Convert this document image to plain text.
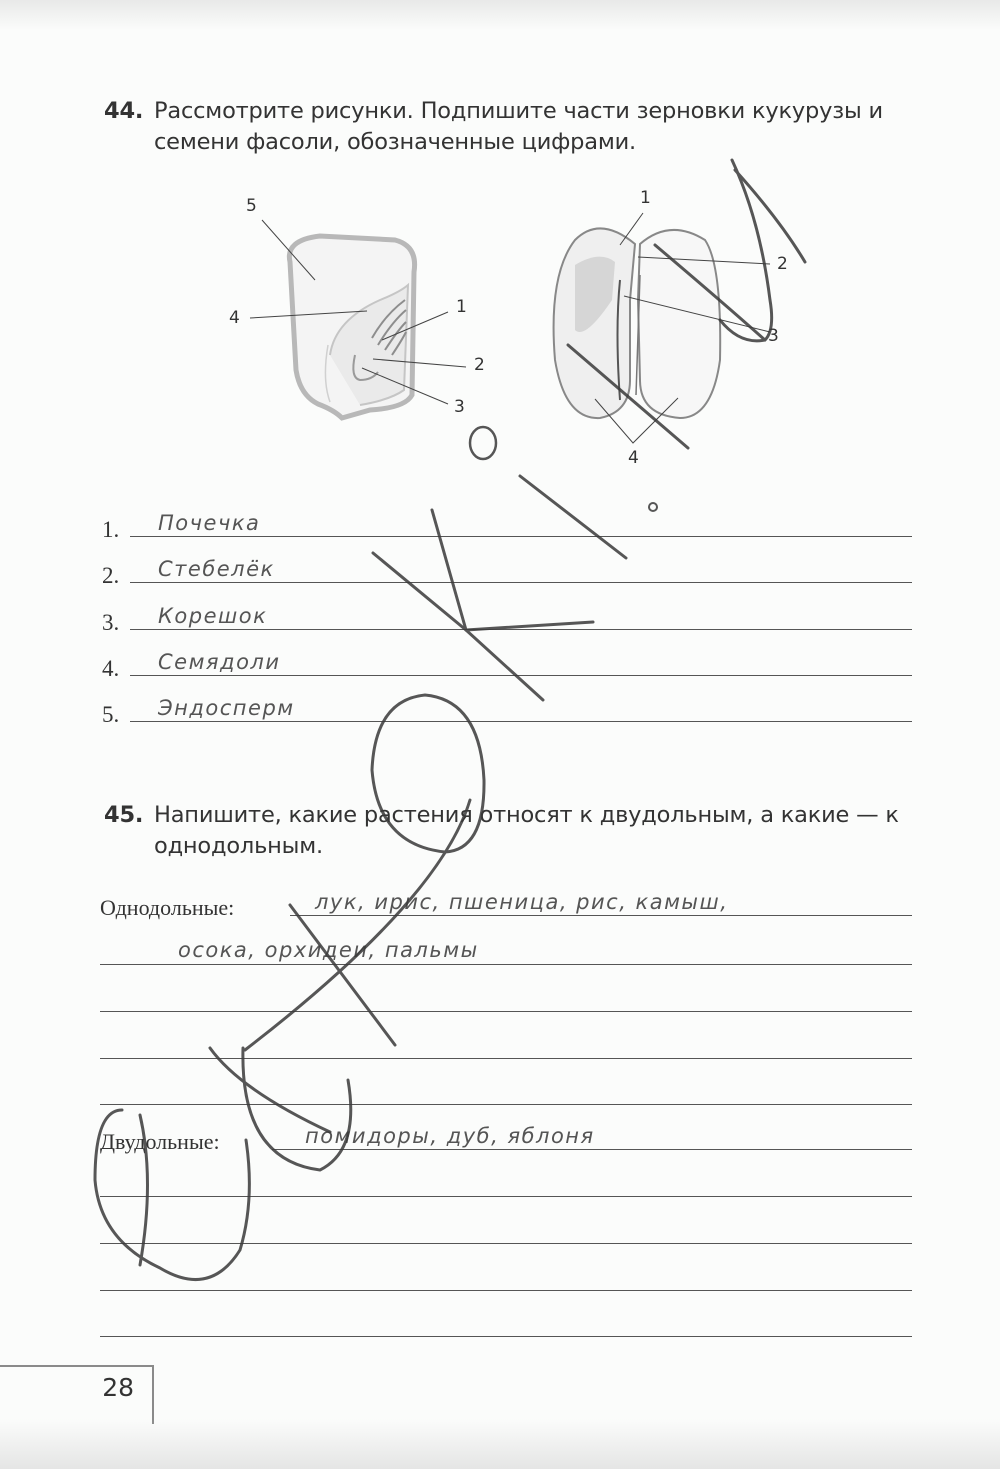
44. Рассмотрите рисунки. Подпишите части зерновки кукурузы и семени фасоли, обозначенные цифрами.
5
4
1
2
3
1
2
3
4
1. Почечка
2. Стебелёк
3. Корешок
4. Семядоли
5. Эндосперм
45. Напишите, какие растения относят к двудольным, а какие — к однодольным.
Однодольные:	лук, ирис, пшеница, рис, камыш,
осока, орхидеи, пальмы
Двудольные:	помидоры, дуб, яблоня
28
